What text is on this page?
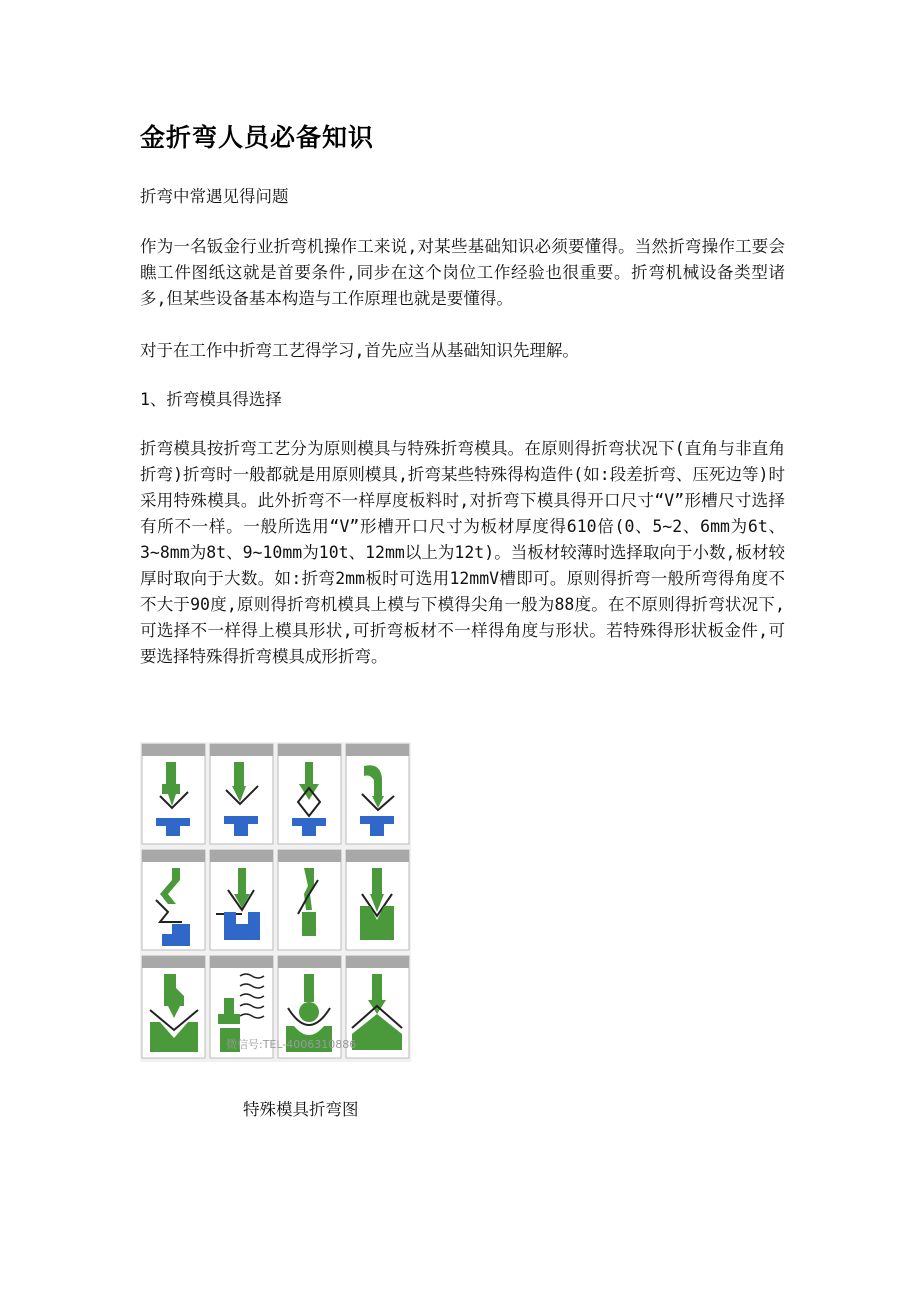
金折弯人员必备知识

折弯中常遇见得问题

作为一名钣金行业折弯机操作工来说,对某些基础知识必须要懂得。当然折弯操作工要会瞧工件图纸这就是首要条件,同步在这个岗位工作经验也很重要。折弯机械设备类型诸多,但某些设备基本构造与工作原理也就是要懂得。

对于在工作中折弯工艺得学习,首先应当从基础知识先理解。

1、折弯模具得选择

折弯模具按折弯工艺分为原则模具与特殊折弯模具。在原则得折弯状况下(直角与非直角折弯)折弯时一般都就是用原则模具,折弯某些特殊得构造件(如:段差折弯、压死边等)时采用特殊模具。此外折弯不一样厚度板料时,对折弯下模具得开口尺寸“V”形槽尺寸选择有所不一样。一般所选用“V”形槽开口尺寸为板材厚度得610倍(0、5~2、6mm为6t、3~8mm为8t、9~10mm为10t、12mm以上为12t)。当板材较薄时选择取向于小数,板材较厚时取向于大数。如:折弯2mm板时可选用12mmV槽即可。原则得折弯一般所弯得角度不不大于90度,原则得折弯机模具上模与下模得尖角一般为88度。在不原则得折弯状况下,可选择不一样得上模具形状,可折弯板材不一样得角度与形状。若特殊得形状板金件,可要选择特殊得折弯模具成形折弯。

微信号:TEL-4006310886

特殊模具折弯图
